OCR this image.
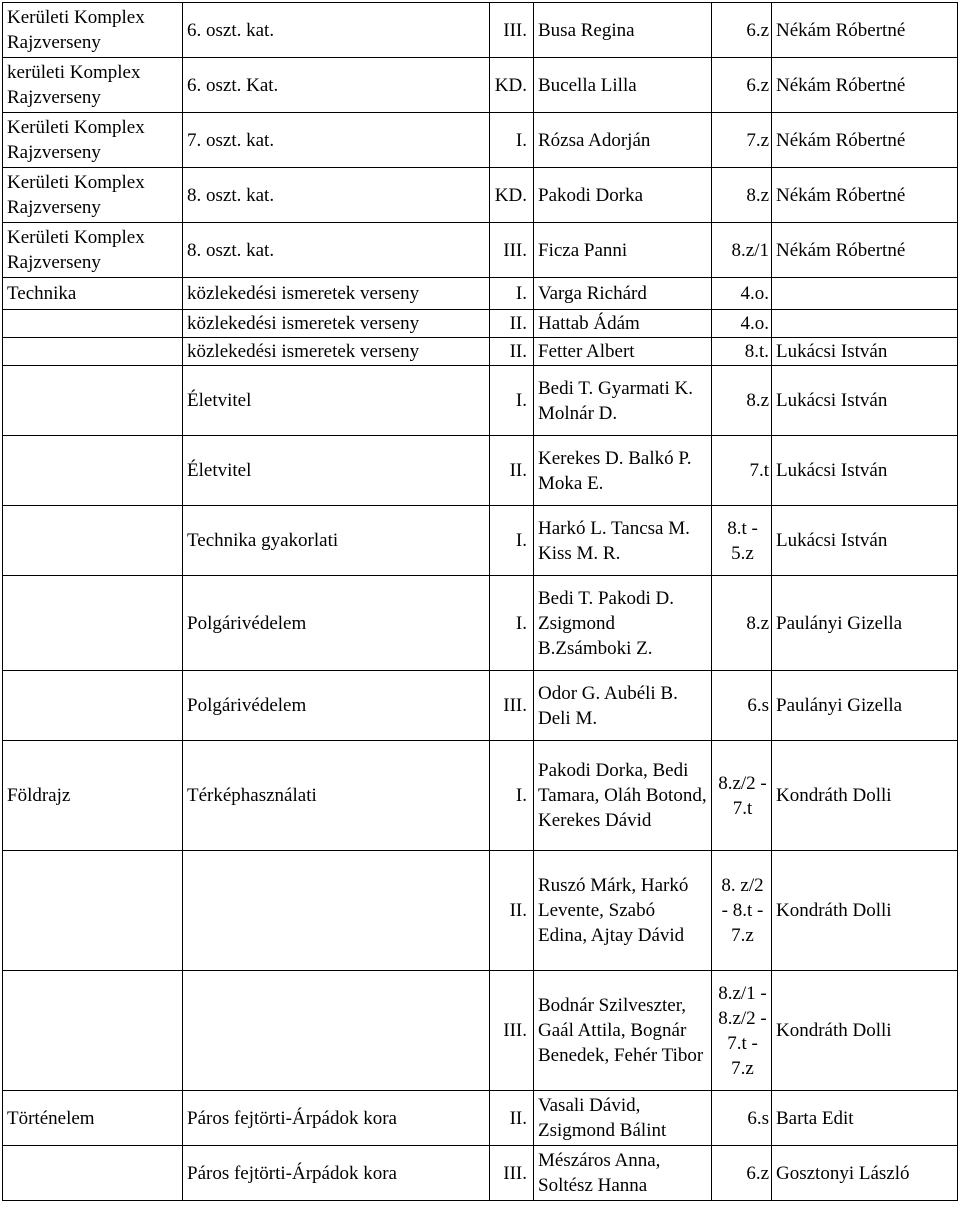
Kerületi Komplex Rajzverseny	6. oszt. kat.	III.	Busa Regina	6.z	Nékám Róbertné
kerületi Komplex Rajzverseny	6. oszt. Kat.	KD.	Bucella Lilla	6.z	Nékám Róbertné
Kerületi Komplex Rajzverseny	7. oszt. kat.	I.	Rózsa Adorján	7.z	Nékám Róbertné
Kerületi Komplex Rajzverseny	8. oszt. kat.	KD.	Pakodi Dorka	8.z	Nékám Róbertné
Kerületi Komplex Rajzverseny	8. oszt. kat.	III.	Ficza Panni	8.z/1	Nékám Róbertné
Technika	közlekedési ismeretek verseny	I.	Varga Richárd	4.o.	
	közlekedési ismeretek verseny	II.	Hattab Ádám	4.o.	
	közlekedési ismeretek verseny	II.	Fetter Albert	8.t.	Lukácsi István
	Életvitel	I.	Bedi T. Gyarmati K. Molnár D.	8.z	Lukácsi István
	Életvitel	II.	Kerekes D. Balkó P. Moka E.	7.t	Lukácsi István
	Technika gyakorlati	I.	Harkó L. Tancsa M. Kiss M. R.	8.t - 5.z	Lukácsi István
	Polgárivédelem	I.	Bedi T. Pakodi D. Zsigmond B.Zsámboki Z.	8.z	Paulányi Gizella
	Polgárivédelem	III.	Odor G. Aubéli B. Deli M.	6.s	Paulányi Gizella
Földrajz	Térképhasználati	I.	Pakodi Dorka, Bedi Tamara, Oláh Botond, Kerekes Dávid	8.z/2 - 7.t	Kondráth Dolli
		II.	Ruszó Márk, Harkó Levente, Szabó Edina, Ajtay Dávid	8. z/2 - 8.t - 7.z	Kondráth Dolli
		III.	Bodnár Szilveszter, Gaál Attila, Bognár Benedek, Fehér Tibor	8.z/1 - 8.z/2 - 7.t - 7.z	Kondráth Dolli
Történelem	Páros fejtörti-Árpádok kora	II.	Vasali Dávid, Zsigmond Bálint	6.s	Barta Edit
	Páros fejtörti-Árpádok kora	III.	Mészáros Anna, Soltész Hanna	6.z	Gosztonyi László
